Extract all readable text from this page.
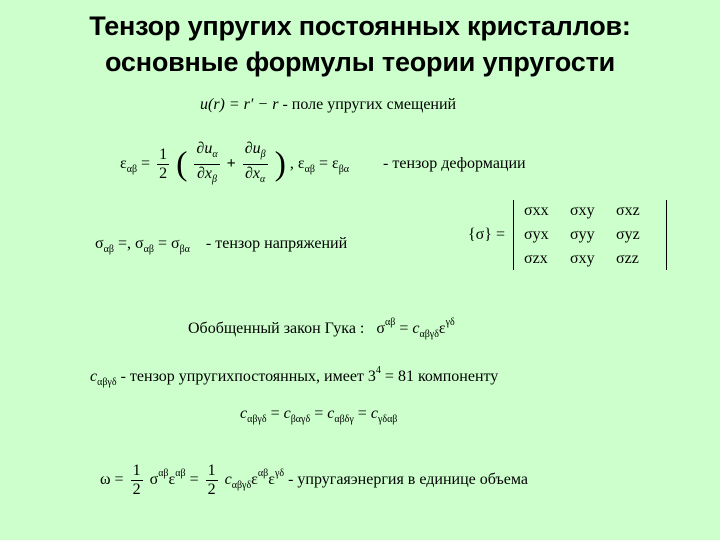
Тензор упругих постоянных кристаллов:
основные формулы теории упругости
u(r) = r′ − r - поле упругих смещений
$\varepsilon_{\alpha\beta} = \frac{1}{2}$ ( $\frac{\partial u_\alpha}{\partial x_\beta} + \frac{\partial u_\beta}{\partial x_\alpha}$ ) , $\varepsilon_{\alpha\beta} = \varepsilon_{\beta\alpha}$ - тензор деформации
$\sigma_{\alpha\beta}$ =, $\sigma_{\alpha\beta} = \sigma_{\beta\alpha}$ - тензор напряжений
{σ} =
σxx	σxy	σxz
σyx	σyy	σyz
σzx	σxy	σzz
Обобщенный закон Гука : $\sigma^{\alpha\beta} = c_{\alpha\beta\gamma\delta}\varepsilon^{\gamma\delta}$
$c_{\alpha\beta\gamma\delta}$ - тензор упругихпостоянных, имеет $3^4 = 81$ компоненту
$c_{\alpha\beta\gamma\delta} = c_{\beta\alpha\gamma\delta} = c_{\alpha\beta\delta\gamma} = c_{\gamma\delta\alpha\beta}$
$\omega = \frac{1}{2} \sigma^{\alpha\beta}\varepsilon^{\alpha\beta} = \frac{1}{2} c_{\alpha\beta\gamma\delta}\varepsilon^{\alpha\beta}\varepsilon^{\gamma\delta}$ - упругаяэнергия в единице объема
